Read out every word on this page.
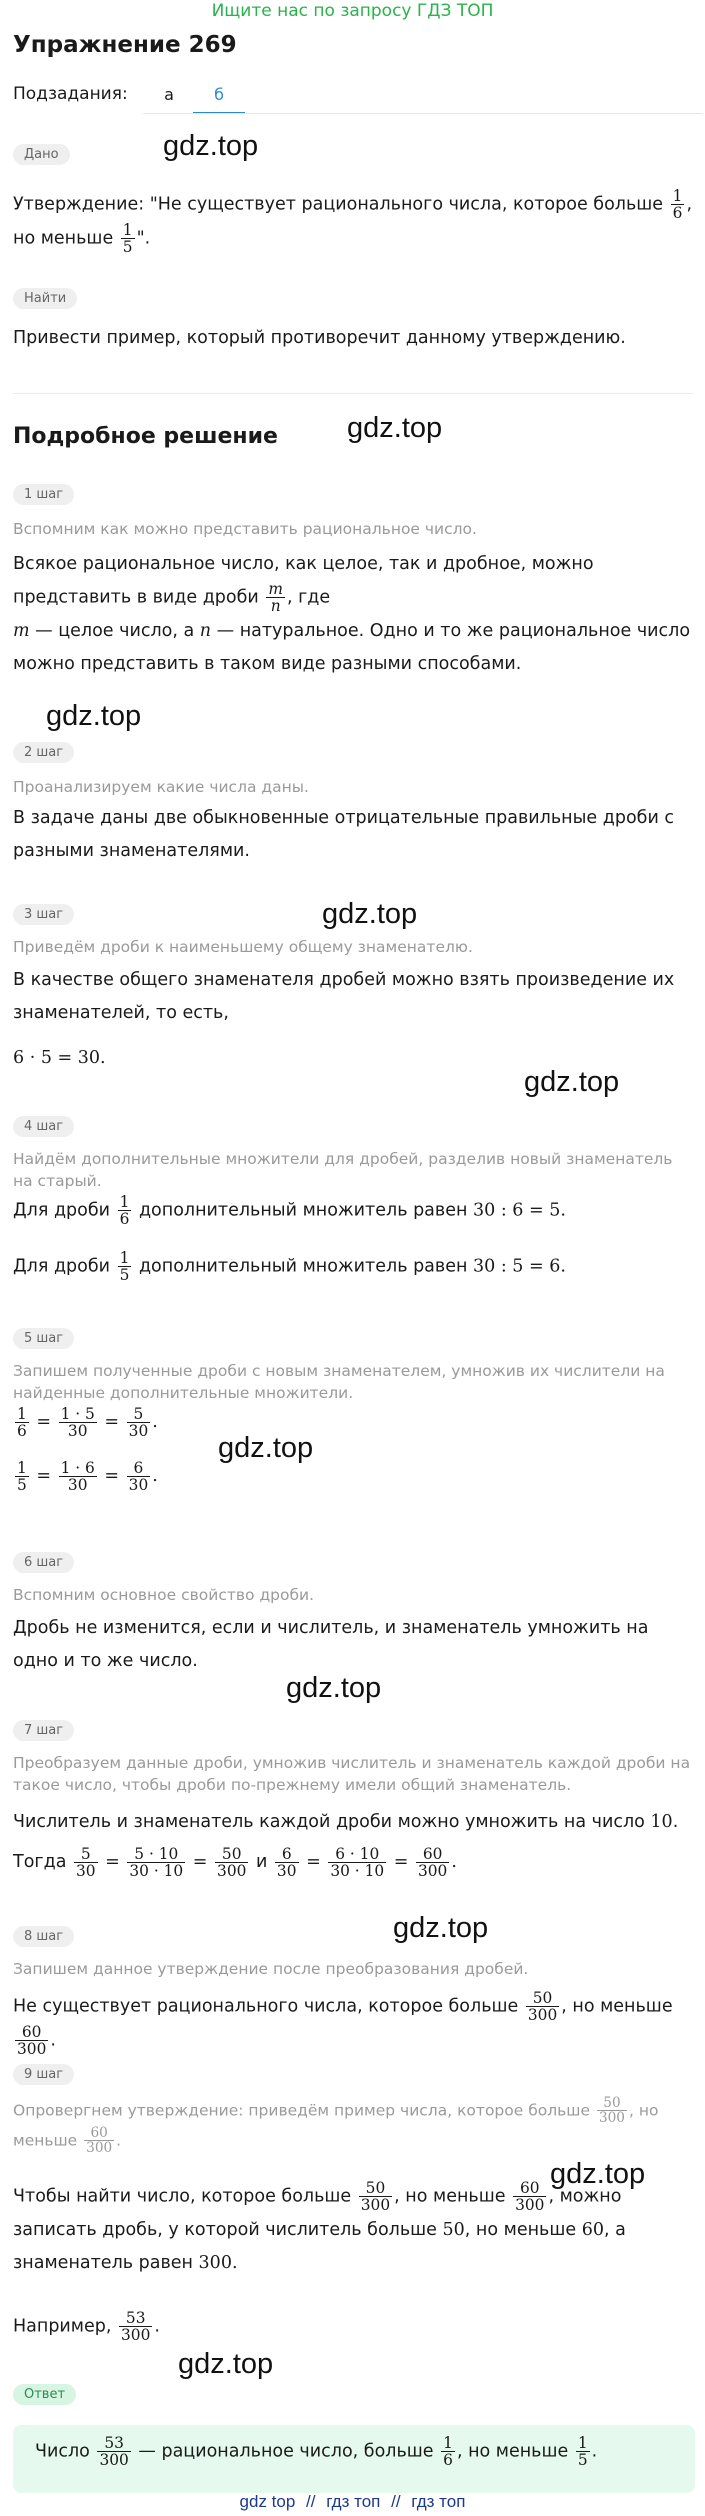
Ищите нас по запросу ГДЗ ТОП
Упражнение 269
Подзадания:	а	б
Дано	gdz.top
Утверждение: "Не существует рационального числа, которое больше $\frac{1}{6}$ , но меньше $\frac{1}{5}$ ".
Найти
Привести пример, который противоречит данному утверждению.
Подробное решение gdz.top
1 шаг
Вспомним как можно представить рациональное число.
Всякое рациональное число, как целое, так и дробное, можно представить в виде дроби $\frac{m}{n}$ , где
m — целое число, а n — натуральное. Одно и то же рациональное число можно представить в таком виде разными способами.
gdz.top
2 шаг
Проанализируем какие числа даны.
В задаче даны две обыкновенные отрицательные правильные дроби с разными знаменателями.
gdz.top
3 шаг
Приведём дроби к наименьшему общему знаменателю.
В качестве общего знаменателя дробей можно взять произведение их знаменателей, то есть,
6 · 5 = 30.
gdz.top
4 шаг
Найдём дополнительные множители для дробей, разделив новый знаменатель на старый.
Для дроби $\frac{1}{6}$ дополнительный множитель равен 30 : 6 = 5.
Для дроби $\frac{1}{5}$ дополнительный множитель равен 30 : 5 = 6.
5 шаг
Запишем полученные дроби с новым знаменателем, умножив их числители на найденные дополнительные множители.
$\frac{1}{6} = \frac{1 \cdot 5}{30} = \frac{5}{30}$ .
$\frac{1}{5} = \frac{1 \cdot 6}{30} = \frac{6}{30}$ .
gdz.top
6 шаг
Вспомним основное свойство дроби.
Дробь не изменится, если и числитель, и знаменатель умножить на одно и то же число.
gdz.top
7 шаг
Преобразуем данные дроби, умножив числитель и знаменатель каждой дроби на такое число, чтобы дроби по-прежнему имели общий знаменатель.
Числитель и знаменатель каждой дроби можно умножить на число 10.
Тогда $\frac{5}{30} = \frac{5 \cdot 10}{30 \cdot 10} = \frac{50}{300}$ и $\frac{6}{30} = \frac{6 \cdot 10}{30 \cdot 10} = \frac{60}{300}$ .
gdz.top
8 шаг
Запишем данное утверждение после преобразования дробей.
Не существует рационального числа, которое больше $\frac{50}{300}$ , но меньше
$\frac{60}{300}$ .
9 шаг
Опровергнем утверждение: приведём пример числа, которое больше $\frac{50}{300}$ , но меньше $\frac{60}{300}$ .
gdz.top
Чтобы найти число, которое больше $\frac{50}{300}$ , но меньше $\frac{60}{300}$ , можно записать дробь, у которой числитель больше 50, но меньше 60, а знаменатель равен 300.
Например, $\frac{53}{300}$ .
gdz.top
Ответ
Число $\frac{53}{300}$ — рациональное число, больше $\frac{1}{6}$ , но меньше $\frac{1}{5}$ .
gdz top // гдз топ // гдз топ
